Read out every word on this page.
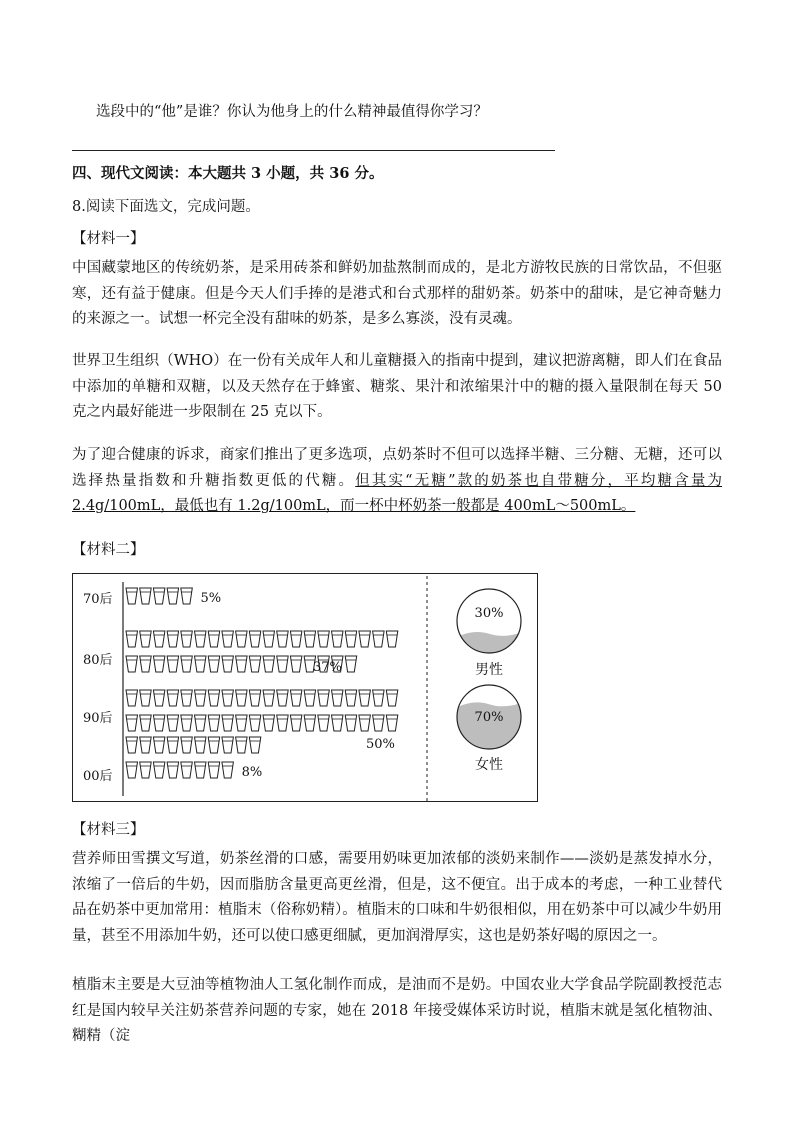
选段中的“他”是谁？你认为他身上的什么精神最值得你学习？
四、现代文阅读：本大题共 3 小题，共 36 分。
8.阅读下面选文，完成问题。
【材料一】
中国藏蒙地区的传统奶茶，是采用砖茶和鲜奶加盐熬制而成的，是北方游牧民族的日常饮品，不但驱寒，还有益于健康。但是今天人们手捧的是港式和台式那样的甜奶茶。奶茶中的甜味，是它神奇魅力的来源之一。试想一杯完全没有甜味的奶茶，是多么寡淡，没有灵魂。
世界卫生组织（WHO）在一份有关成年人和儿童糖摄入的指南中提到，建议把游离糖，即人们在食品中添加的单糖和双糖，以及天然存在于蜂蜜、糖浆、果汁和浓缩果汁中的糖的摄入量限制在每天 50 克之内最好能进一步限制在 25 克以下。
为了迎合健康的诉求，商家们推出了更多选项，点奶茶时不但可以选择半糖、三分糖、无糖，还可以选择热量指数和升糖指数更低的代糖。但其实“无糖”款的奶茶也自带糖分，平均糖含量为 2.4g/100mL，最低也有 1.2g/100mL，而一杯中杯奶茶一般都是 400mL～500mL。
【材料二】
70后	5%
80后	37%
90后
50%
00后	8%
30%
男性
70%
女性
【材料三】
营养师田雪撰文写道，奶茶丝滑的口感，需要用奶味更加浓郁的淡奶来制作——淡奶是蒸发掉水分，浓缩了一倍后的牛奶，因而脂肪含量更高更丝滑，但是，这不便宜。出于成本的考虑，一种工业替代品在奶茶中更加常用：植脂末（俗称奶精）。植脂末的口味和牛奶很相似，用在奶茶中可以减少牛奶用量，甚至不用添加牛奶，还可以使口感更细腻，更加润滑厚实，这也是奶茶好喝的原因之一。
植脂末主要是大豆油等植物油人工氢化制作而成，是油而不是奶。中国农业大学食品学院副教授范志红是国内较早关注奶茶营养问题的专家，她在 2018 年接受媒体采访时说，植脂末就是氢化植物油、糊精（淀
